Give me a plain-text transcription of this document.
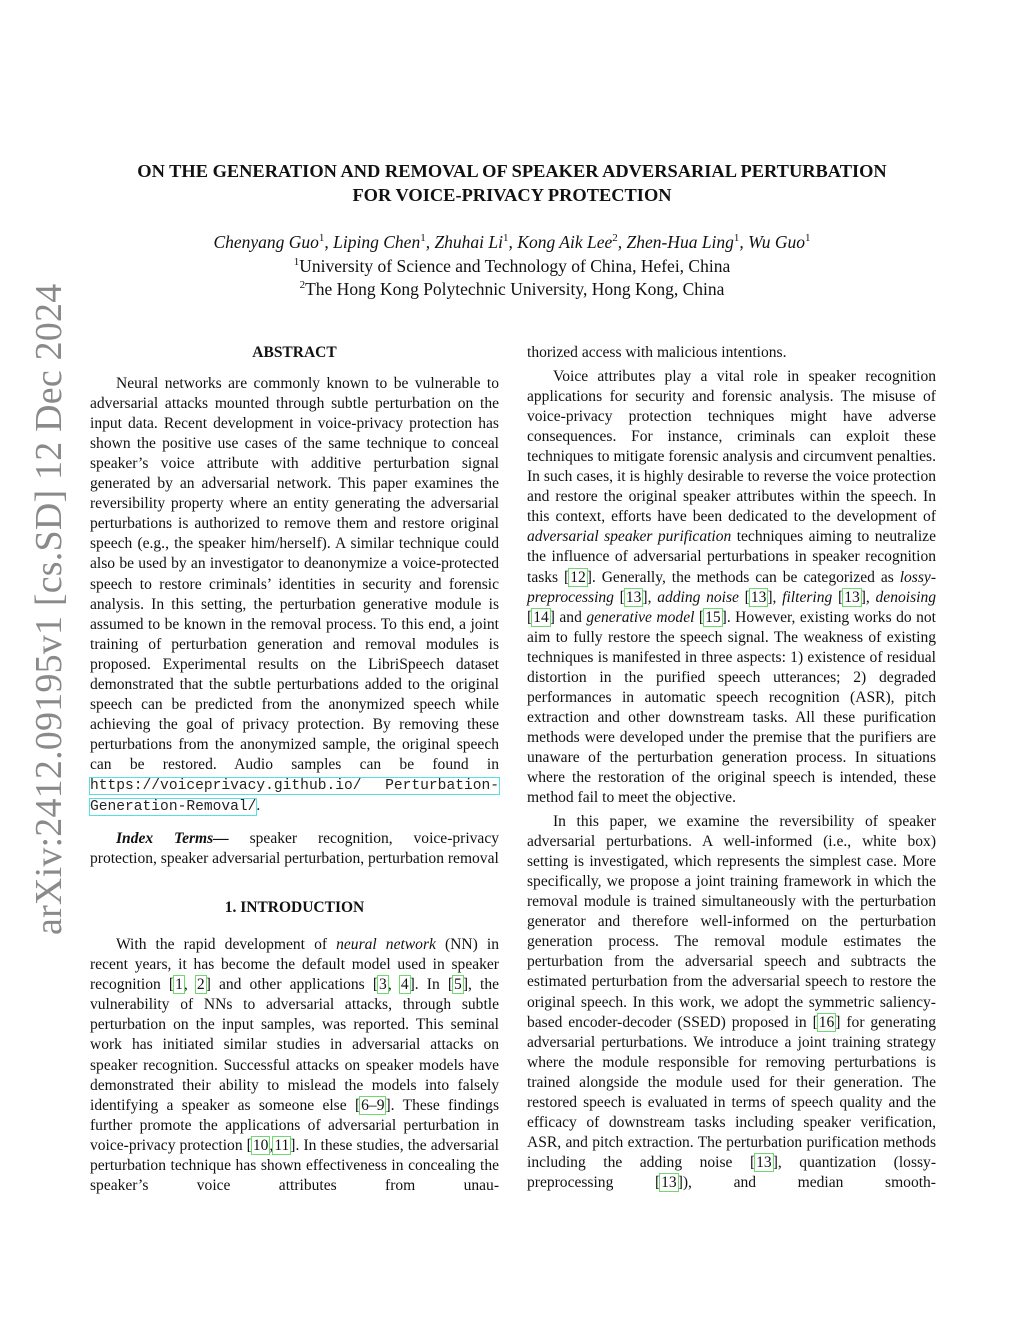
arXiv:2412.09195v1 [cs.SD] 12 Dec 2024
ON THE GENERATION AND REMOVAL OF SPEAKER ADVERSARIAL PERTURBATION
FOR VOICE-PRIVACY PROTECTION
Chenyang Guo$^1$, Liping Chen$^1$, Zhuhai Li$^1$, Kong Aik Lee$^2$, Zhen-Hua Ling$^1$, Wu Guo$^1$
$^1$University of Science and Technology of China, Hefei, China
$^2$The Hong Kong Polytechnic University, Hong Kong, China
ABSTRACT

Neural networks are commonly known to be vulnerable to adversarial attacks mounted through subtle perturbation on the input data. Recent development in voice-privacy protection has shown the positive use cases of the same technique to conceal speaker’s voice attribute with additive perturbation signal generated by an adversarial network. This paper examines the reversibility property where an entity generating the adversarial perturbations is authorized to remove them and restore original speech (e.g., the speaker him/herself). A similar technique could also be used by an investigator to deanonymize a voice-protected speech to restore criminals’ identities in security and forensic analysis. In this setting, the perturbation generative module is assumed to be known in the removal process. To this end, a joint training of perturbation generation and removal modules is proposed. Experimental results on the LibriSpeech dataset demonstrated that the subtle perturbations added to the original speech can be predicted from the anonymized speech while achieving the goal of privacy protection. By removing these perturbations from the anonymized sample, the original speech can be restored. Audio samples can be found in https://voiceprivacy.github.io/ Perturbation-Generation-Removal/.

Index Terms— speaker recognition, voice-privacy protection, speaker adversarial perturbation, perturbation removal

1. INTRODUCTION

With the rapid development of neural network (NN) in recent years, it has become the default model used in speaker recognition [1, 2] and other applications [3, 4]. In [5], the vulnerability of NNs to adversarial attacks, through subtle perturbation on the input samples, was reported. This seminal work has initiated similar studies in adversarial attacks on speaker recognition. Successful attacks on speaker models have demonstrated their ability to mislead the models into falsely identifying a speaker as someone else [6–9]. These findings further promote the applications of adversarial perturbation in voice-privacy protection [10,11]. In these studies, the adversarial perturbation technique has shown effectiveness in concealing the speaker’s voice attributes from unau-

thorized access with malicious intentions.

Voice attributes play a vital role in speaker recognition applications for security and forensic analysis. The misuse of voice-privacy protection techniques might have adverse consequences. For instance, criminals can exploit these techniques to mitigate forensic analysis and circumvent penalties. In such cases, it is highly desirable to reverse the voice protection and restore the original speaker attributes within the speech. In this context, efforts have been dedicated to the development of adversarial speaker purification techniques aiming to neutralize the influence of adversarial perturbations in speaker recognition tasks [12]. Generally, the methods can be categorized as lossy-preprocessing [13], adding noise [13], filtering [13], denoising [14] and generative model [15]. However, existing works do not aim to fully restore the speech signal. The weakness of existing techniques is manifested in three aspects: 1) existence of residual distortion in the purified speech utterances; 2) degraded performances in automatic speech recognition (ASR), pitch extraction and other downstream tasks. All these purification methods were developed under the premise that the purifiers are unaware of the perturbation generation process. In situations where the restoration of the original speech is intended, these method fail to meet the objective.

In this paper, we examine the reversibility of speaker adversarial perturbations. A well-informed (i.e., white box) setting is investigated, which represents the simplest case. More specifically, we propose a joint training framework in which the removal module is trained simultaneously with the perturbation generator and therefore well-informed on the perturbation generation process. The removal module estimates the perturbation from the adversarial speech and subtracts the estimated perturbation from the adversarial speech to restore the original speech. In this work, we adopt the symmetric saliency-based encoder-decoder (SSED) proposed in [16] for generating adversarial perturbations. We introduce a joint training strategy where the module responsible for removing perturbations is trained alongside the module used for their generation. The restored speech is evaluated in terms of speech quality and the efficacy of downstream tasks including speaker verification, ASR, and pitch extraction. The perturbation purification methods including the adding noise [13], quantization (lossy-preprocessing [13]), and median smooth-
